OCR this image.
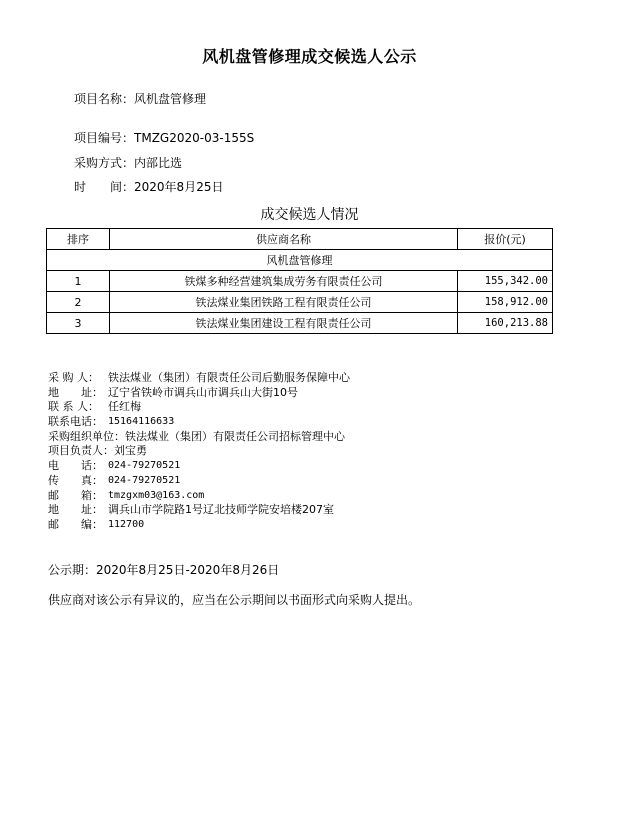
风机盘管修理成交候选人公示
项目名称：风机盘管修理
项目编号：TMZG2020-03-155S
采购方式：内部比选
时　　间：2020年8月25日
成交候选人情况
排序	供应商名称	报价(元)
风机盘管修理		
1	铁煤多种经营建筑集成劳务有限责任公司	155,342.00
2	铁法煤业集团铁路工程有限责任公司	158,912.00
3	铁法煤业集团建设工程有限责任公司	160,213.88
采 购 人： 铁法煤业（集团）有限责任公司后勤服务保障中心
地　　址： 辽宁省铁岭市调兵山市调兵山大街10号
联 系 人： 任红梅
联系电话： 15164116633
采购组织单位： 铁法煤业（集团）有限责任公司招标管理中心
项目负责人： 刘宝勇
电　　话： 024-79270521
传　　真： 024-79270521
邮　　箱： tmzgxm03@163.com
地　　址： 调兵山市学院路1号辽北技师学院安培楼207室
邮　　编： 112700
公示期：2020年8月25日-2020年8月26日
供应商对该公示有异议的，应当在公示期间以书面形式向采购人提出。
